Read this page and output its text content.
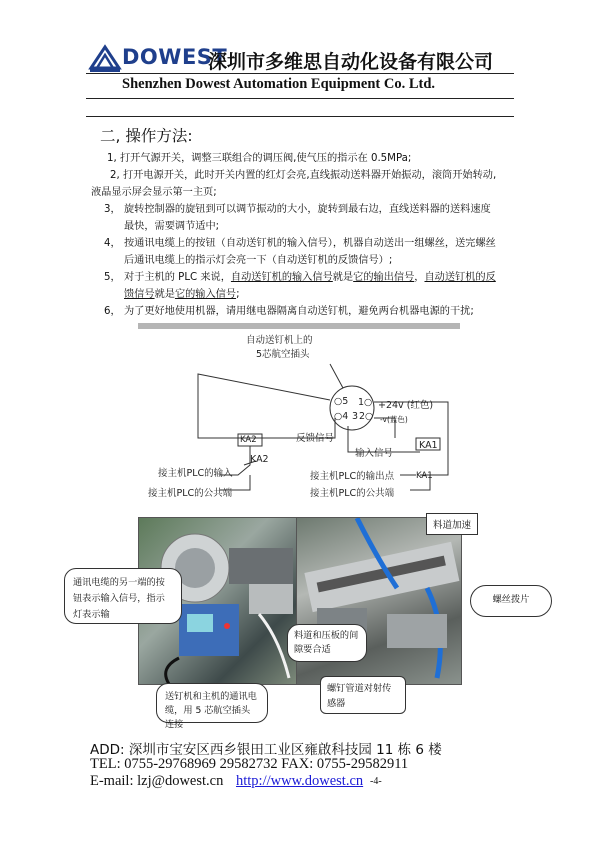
DOWEST
深圳市多维思自动化设备有限公司
Shenzhen Dowest Automation Equipment Co. Ltd.
二, 操作方法:
1, 打开气源开关，调整三联组合的调压阀,使气压的指示在 0.5MPa;
2, 打开电源开关，此时开关内置的红灯会亮,直线振动送料器开始振动，滚筒开始转动,
液晶显示屏会显示第一主页;
3， 旋转控制器的旋钮到可以调节振动的大小，旋转到最右边，直线送料器的送料速度
最快，需要调节适中;
4， 按通讯电缆上的按钮（自动送钉机的输入信号），机器自动送出一组螺丝，送完螺丝
后通讯电缆上的指示灯会亮一下（自动送钉机的反馈信号）;
5， 对于主机的 PLC 来说，自动送钉机的输入信号就是它的输出信号，自动送钉机的反
馈信号就是它的输入信号;
6， 为了更好地使用机器，请用继电器隔离自动送钉机，避免两台机器电源的干扰;
自动送钉机上的
5芯航空插头
○5 1○
○4 3 2○
+24v (红色)
-v(蓝色)
反馈信号
输入信号
KA2
KA2
KA1
KA1
接主机PLC的输入
接主机PLC的公共端
接主机PLC的输出点
接主机PLC的公共端
通讯电缆的另一端的按钮表示输入信号，指示灯表示输
送钉机和主机的通讯电缆，用 5 芯航空插头连接
料道加速
螺丝拨片
料道和压板的间隙要合适
螺钉管道对射传感器
ADD: 深圳市宝安区西乡银田工业区雍啟科技园 11 栋 6 楼
TEL: 0755-29768969 29582732 FAX: 0755-29582911
E-mail: lzj@dowest.cn http://www.dowest.cn -4-
